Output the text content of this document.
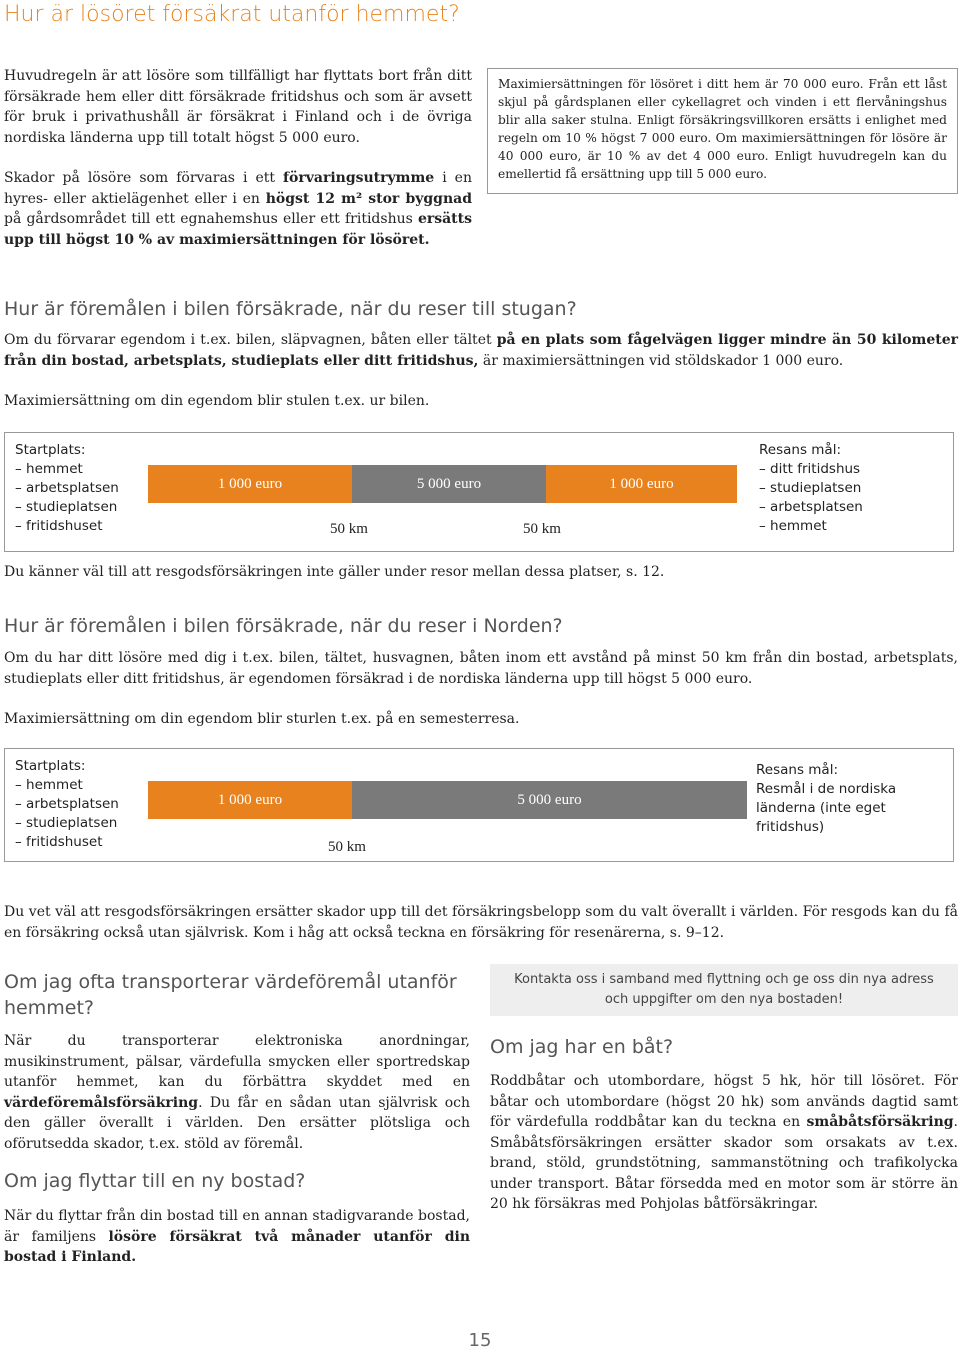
Hur är lösöret försäkrat utanför hemmet?

Huvudregeln är att lösöre som tillfälligt har flyttats bort från ditt försäkrade hem eller ditt försäkrade fritidshus och som är avsett för bruk i privathushåll är försäkrat i Finland och i de övriga nordiska länderna upp till totalt högst 5 000 euro.

Skador på lösöre som förvaras i ett förvaringsutrymme i en hyres- eller aktielägenhet eller i en högst 12 m² stor byggnad på gårdsområdet till ett egnahemshus eller ett fritidshus ersätts upp till högst 10 % av maximiersättningen för lösöret.

Maximiersättningen för lösöret i ditt hem är 70 000 euro. Från ett låst skjul på gårdsplanen eller cykellagret och vinden i ett flervåningshus blir alla saker stulna. Enligt försäkringsvillkoren ersätts i enlighet med regeln om 10 % högst 7 000 euro. Om maximiersättningen för lösöre är 40 000 euro, är 10 % av det 4 000 euro. Enligt huvudregeln kan du emellertid få ersättning upp till 5 000 euro.

Hur är föremålen i bilen försäkrade, när du reser till stugan?

Om du förvarar egendom i t.ex. bilen, släpvagnen, båten eller tältet på en plats som fågelvägen ligger mindre än 50 kilometer från din bostad, arbetsplats, studieplats eller ditt fritidshus, är maximiersättningen vid stöldskador 1 000 euro.

Maximiersättning om din egendom blir stulen t.ex. ur bilen.

Startplats:
– hemmet
– arbetsplatsen
– studieplatsen
– fritidshuset
1 000 euro	5 000 euro	1 000 euro
50 km	50 km
Resans mål:
– ditt fritidshus
– studieplatsen
– arbetsplatsen
– hemmet

Du känner väl till att resgodsförsäkringen inte gäller under resor mellan dessa platser, s. 12.

Hur är föremålen i bilen försäkrade, när du reser i Norden?

Om du har ditt lösöre med dig i t.ex. bilen, tältet, husvagnen, båten inom ett avstånd på minst 50 km från din bostad, arbetsplats, studieplats eller ditt fritidshus, är egendomen försäkrad i de nordiska länderna upp till högst 5 000 euro.

Maximiersättning om din egendom blir sturlen t.ex. på en semesterresa.

Startplats:
– hemmet
– arbetsplatsen
– studieplatsen
– fritidshuset
1 000 euro	5 000 euro
50 km
Resans mål:
Resmål i de nordiska länderna (inte eget fritidshus)

Du vet väl att resgodsförsäkringen ersätter skador upp till det försäkringsbelopp som du valt överallt i världen. För resgods kan du få en försäkring också utan självrisk. Kom i håg att också teckna en försäkring för resenärerna, s. 9–12.

Om jag ofta transporterar värdeföremål utanför hemmet?

När du transporterar elektroniska anordningar, musikinstrument, pälsar, värdefulla smycken eller sportredskap utanför hemmet, kan du förbättra skyddet med en värdeföremålsförsäkring. Du får en sådan utan självrisk och den gäller överallt i världen. Den ersätter plötsliga och oförutsedda skador, t.ex. stöld av föremål.

Om jag flyttar till en ny bostad?

När du flyttar från din bostad till en annan stadigvarande bostad, är familjens lösöre försäkrat två månader utanför din bostad i Finland.

Kontakta oss i samband med flyttning och ge oss din nya adress och uppgifter om den nya bostaden!
Om jag har en båt?

Roddbåtar och utombordare, högst 5 hk, hör till lösöret. För båtar och utombordare (högst 20 hk) som används dagtid samt för värdefulla roddbåtar kan du teckna en småbåtsförsäkring. Småbåtsförsäkringen ersätter skador som orsakats av t.ex. brand, stöld, grundstötning, sammanstötning och trafikolycka under transport. Båtar försedda med en motor som är större än 20 hk försäkras med Pohjolas båtförsäkringar.

15
